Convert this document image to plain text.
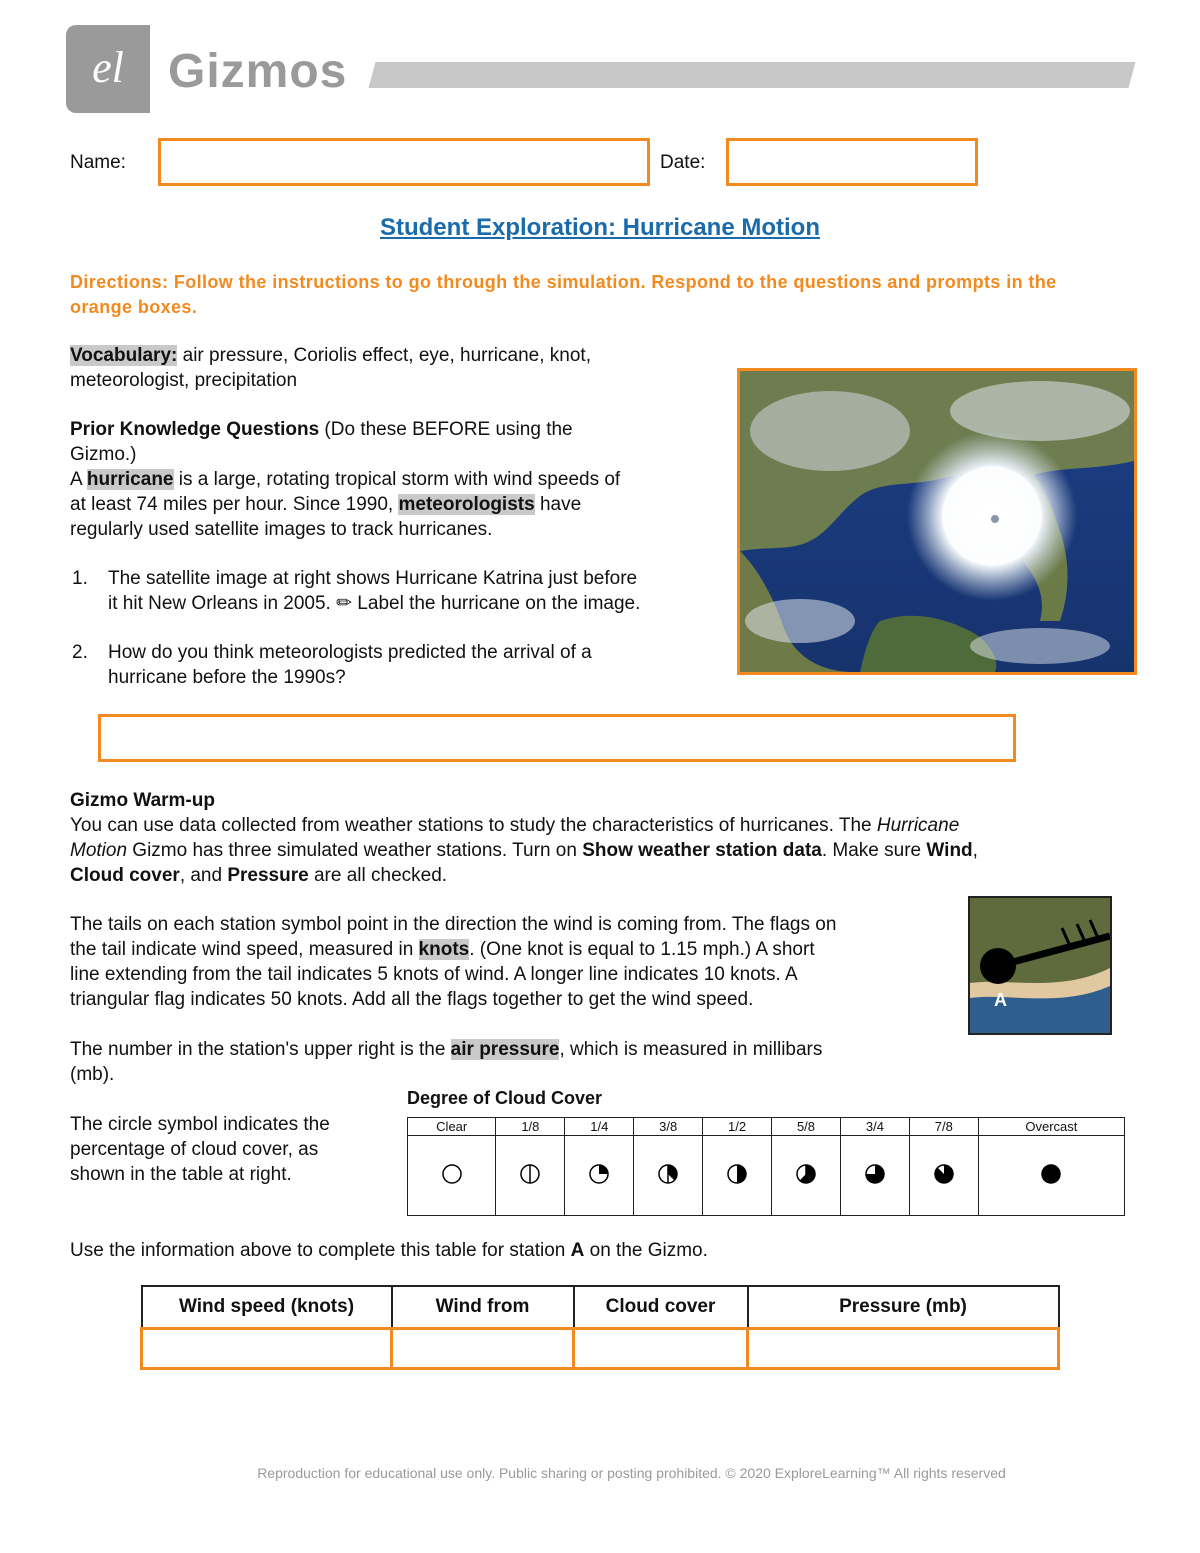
el Gizmos
Name:	Date:
Student Exploration: Hurricane Motion
Directions: Follow the instructions to go through the simulation. Respond to the questions and prompts in the orange boxes.
Vocabulary: air pressure, Coriolis effect, eye, hurricane, knot,
meteorologist, precipitation
Prior Knowledge Questions (Do these BEFORE using the
Gizmo.)
A hurricane is a large, rotating tropical storm with wind speeds of
at least 74 miles per hour. Since 1990, meteorologists have
regularly used satellite images to track hurricanes.
1. The satellite image at right shows Hurricane Katrina just before
it hit New Orleans in 2005. ✏ Label the hurricane on the image.
2. How do you think meteorologists predicted the arrival of a
hurricane before the 1990s?
Gizmo Warm-up
You can use data collected from weather stations to study the characteristics of hurricanes. The Hurricane
Motion Gizmo has three simulated weather stations. Turn on Show weather station data. Make sure Wind,
Cloud cover, and Pressure are all checked.
The tails on each station symbol point in the direction the wind is coming from. The flags on
the tail indicate wind speed, measured in knots. (One knot is equal to 1.15 mph.) A short
line extending from the tail indicates 5 knots of wind. A longer line indicates 10 knots. A
triangular flag indicates 50 knots. Add all the flags together to get the wind speed.	A
The number in the station's upper right is the air pressure, which is measured in millibars
(mb).
The circle symbol indicates the
percentage of cloud cover, as
shown in the table at right.
Degree of Cloud Cover
Clear	1/8	1/4	3/8	1/2	5/8	3/4	7/8	Overcast

Use the information above to complete this table for station A on the Gizmo.
Wind speed (knots)	Wind from	Cloud cover	Pressure (mb)

Reproduction for educational use only. Public sharing or posting prohibited. © 2020 ExploreLearning™ All rights reserved
